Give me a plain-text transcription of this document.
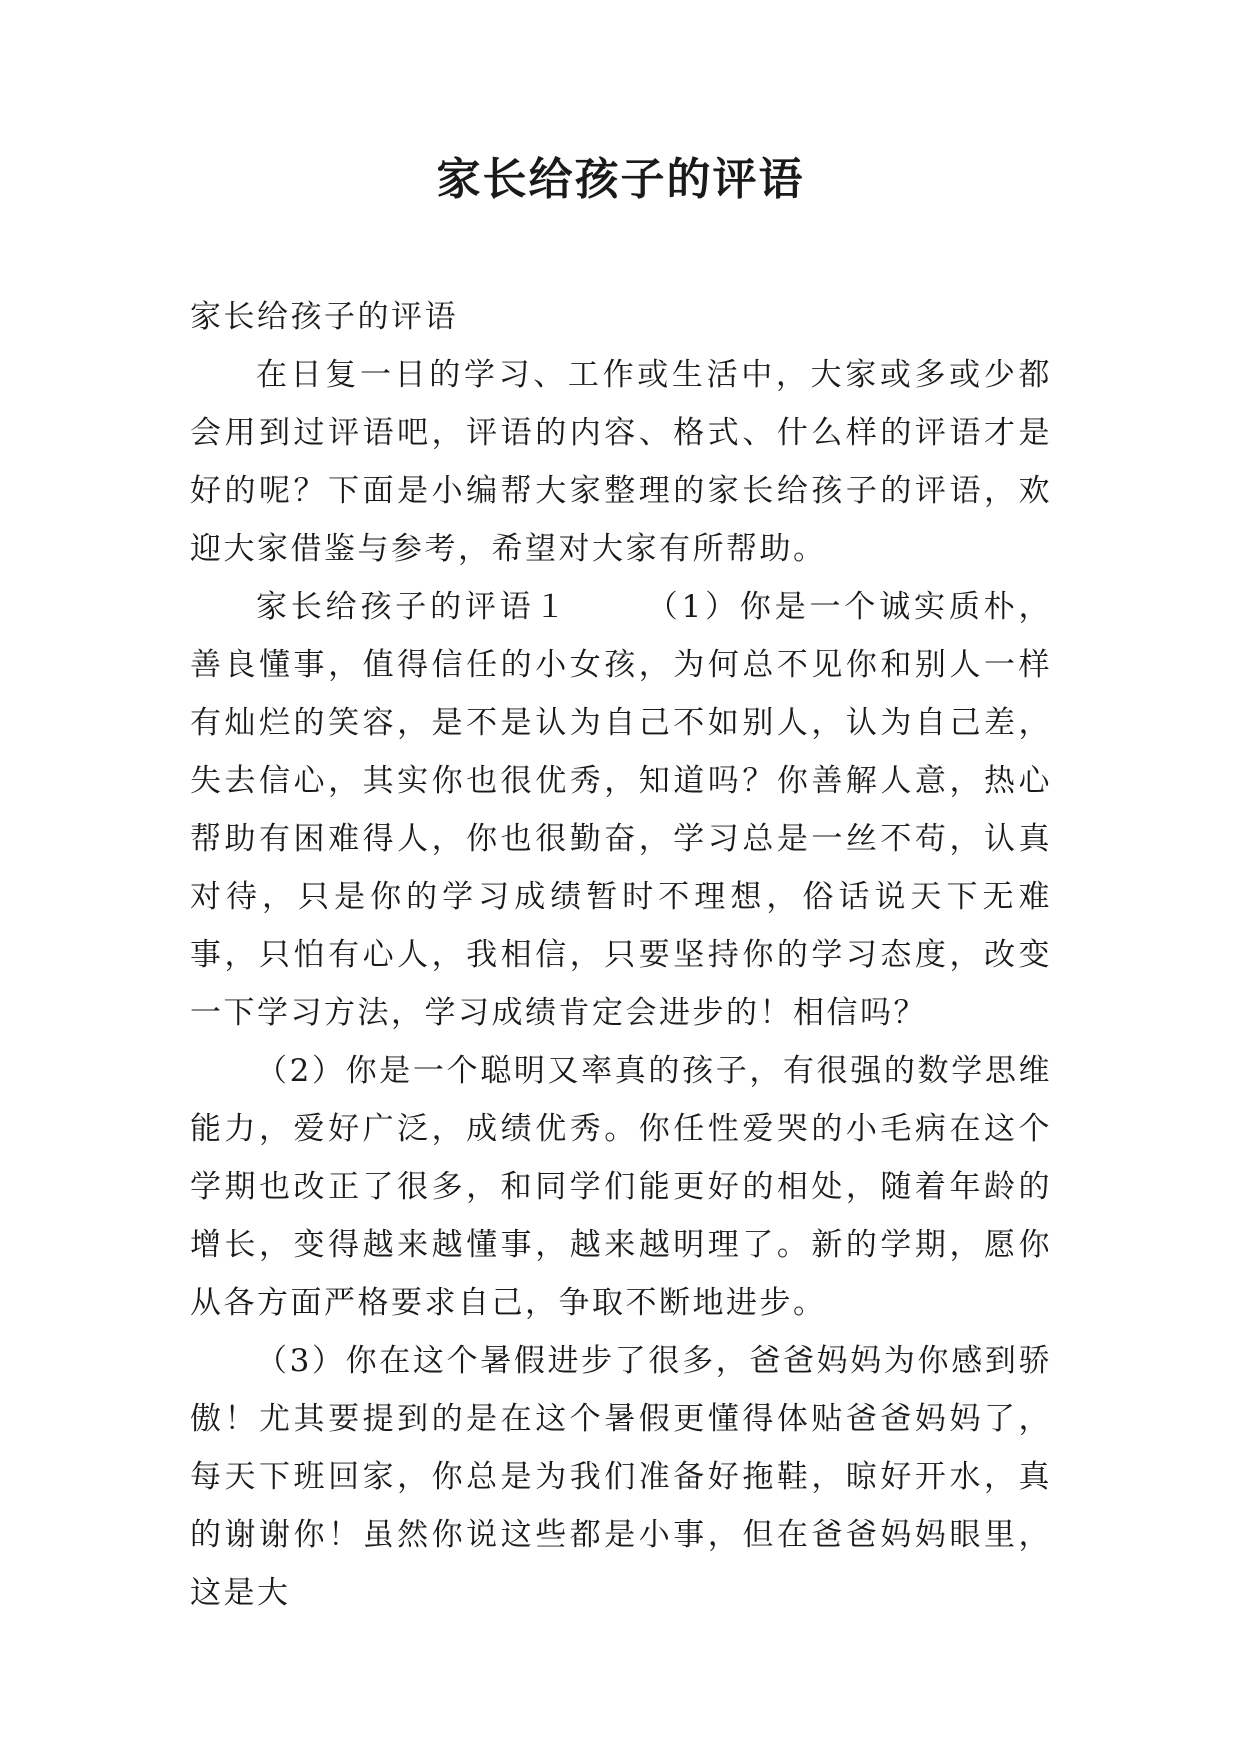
家长给孩子的评语

家长给孩子的评语

在日复一日的学习、工作或生活中，大家或多或少都会用到过评语吧，评语的内容、格式、什么样的评语才是好的呢？下面是小编帮大家整理的家长给孩子的评语，欢迎大家借鉴与参考，希望对大家有所帮助。

家长给孩子的评语１ （1）你是一个诚实质朴，善良懂事，值得信任的小女孩，为何总不见你和别人一样有灿烂的笑容，是不是认为自己不如别人，认为自己差，失去信心，其实你也很优秀，知道吗？你善解人意，热心帮助有困难得人，你也很勤奋，学习总是一丝不苟，认真对待，只是你的学习成绩暂时不理想，俗话说天下无难事，只怕有心人，我相信，只要坚持你的学习态度，改变一下学习方法，学习成绩肯定会进步的！相信吗？

（2）你是一个聪明又率真的孩子，有很强的数学思维能力，爱好广泛，成绩优秀。你任性爱哭的小毛病在这个学期也改正了很多，和同学们能更好的相处，随着年龄的增长，变得越来越懂事，越来越明理了。新的学期，愿你从各方面严格要求自己，争取不断地进步。

（3）你在这个暑假进步了很多，爸爸妈妈为你感到骄傲！尤其要提到的是在这个暑假更懂得体贴爸爸妈妈了，每天下班回家，你总是为我们准备好拖鞋，晾好开水，真的谢谢你！虽然你说这些都是小事，但在爸爸妈妈眼里，这是大
